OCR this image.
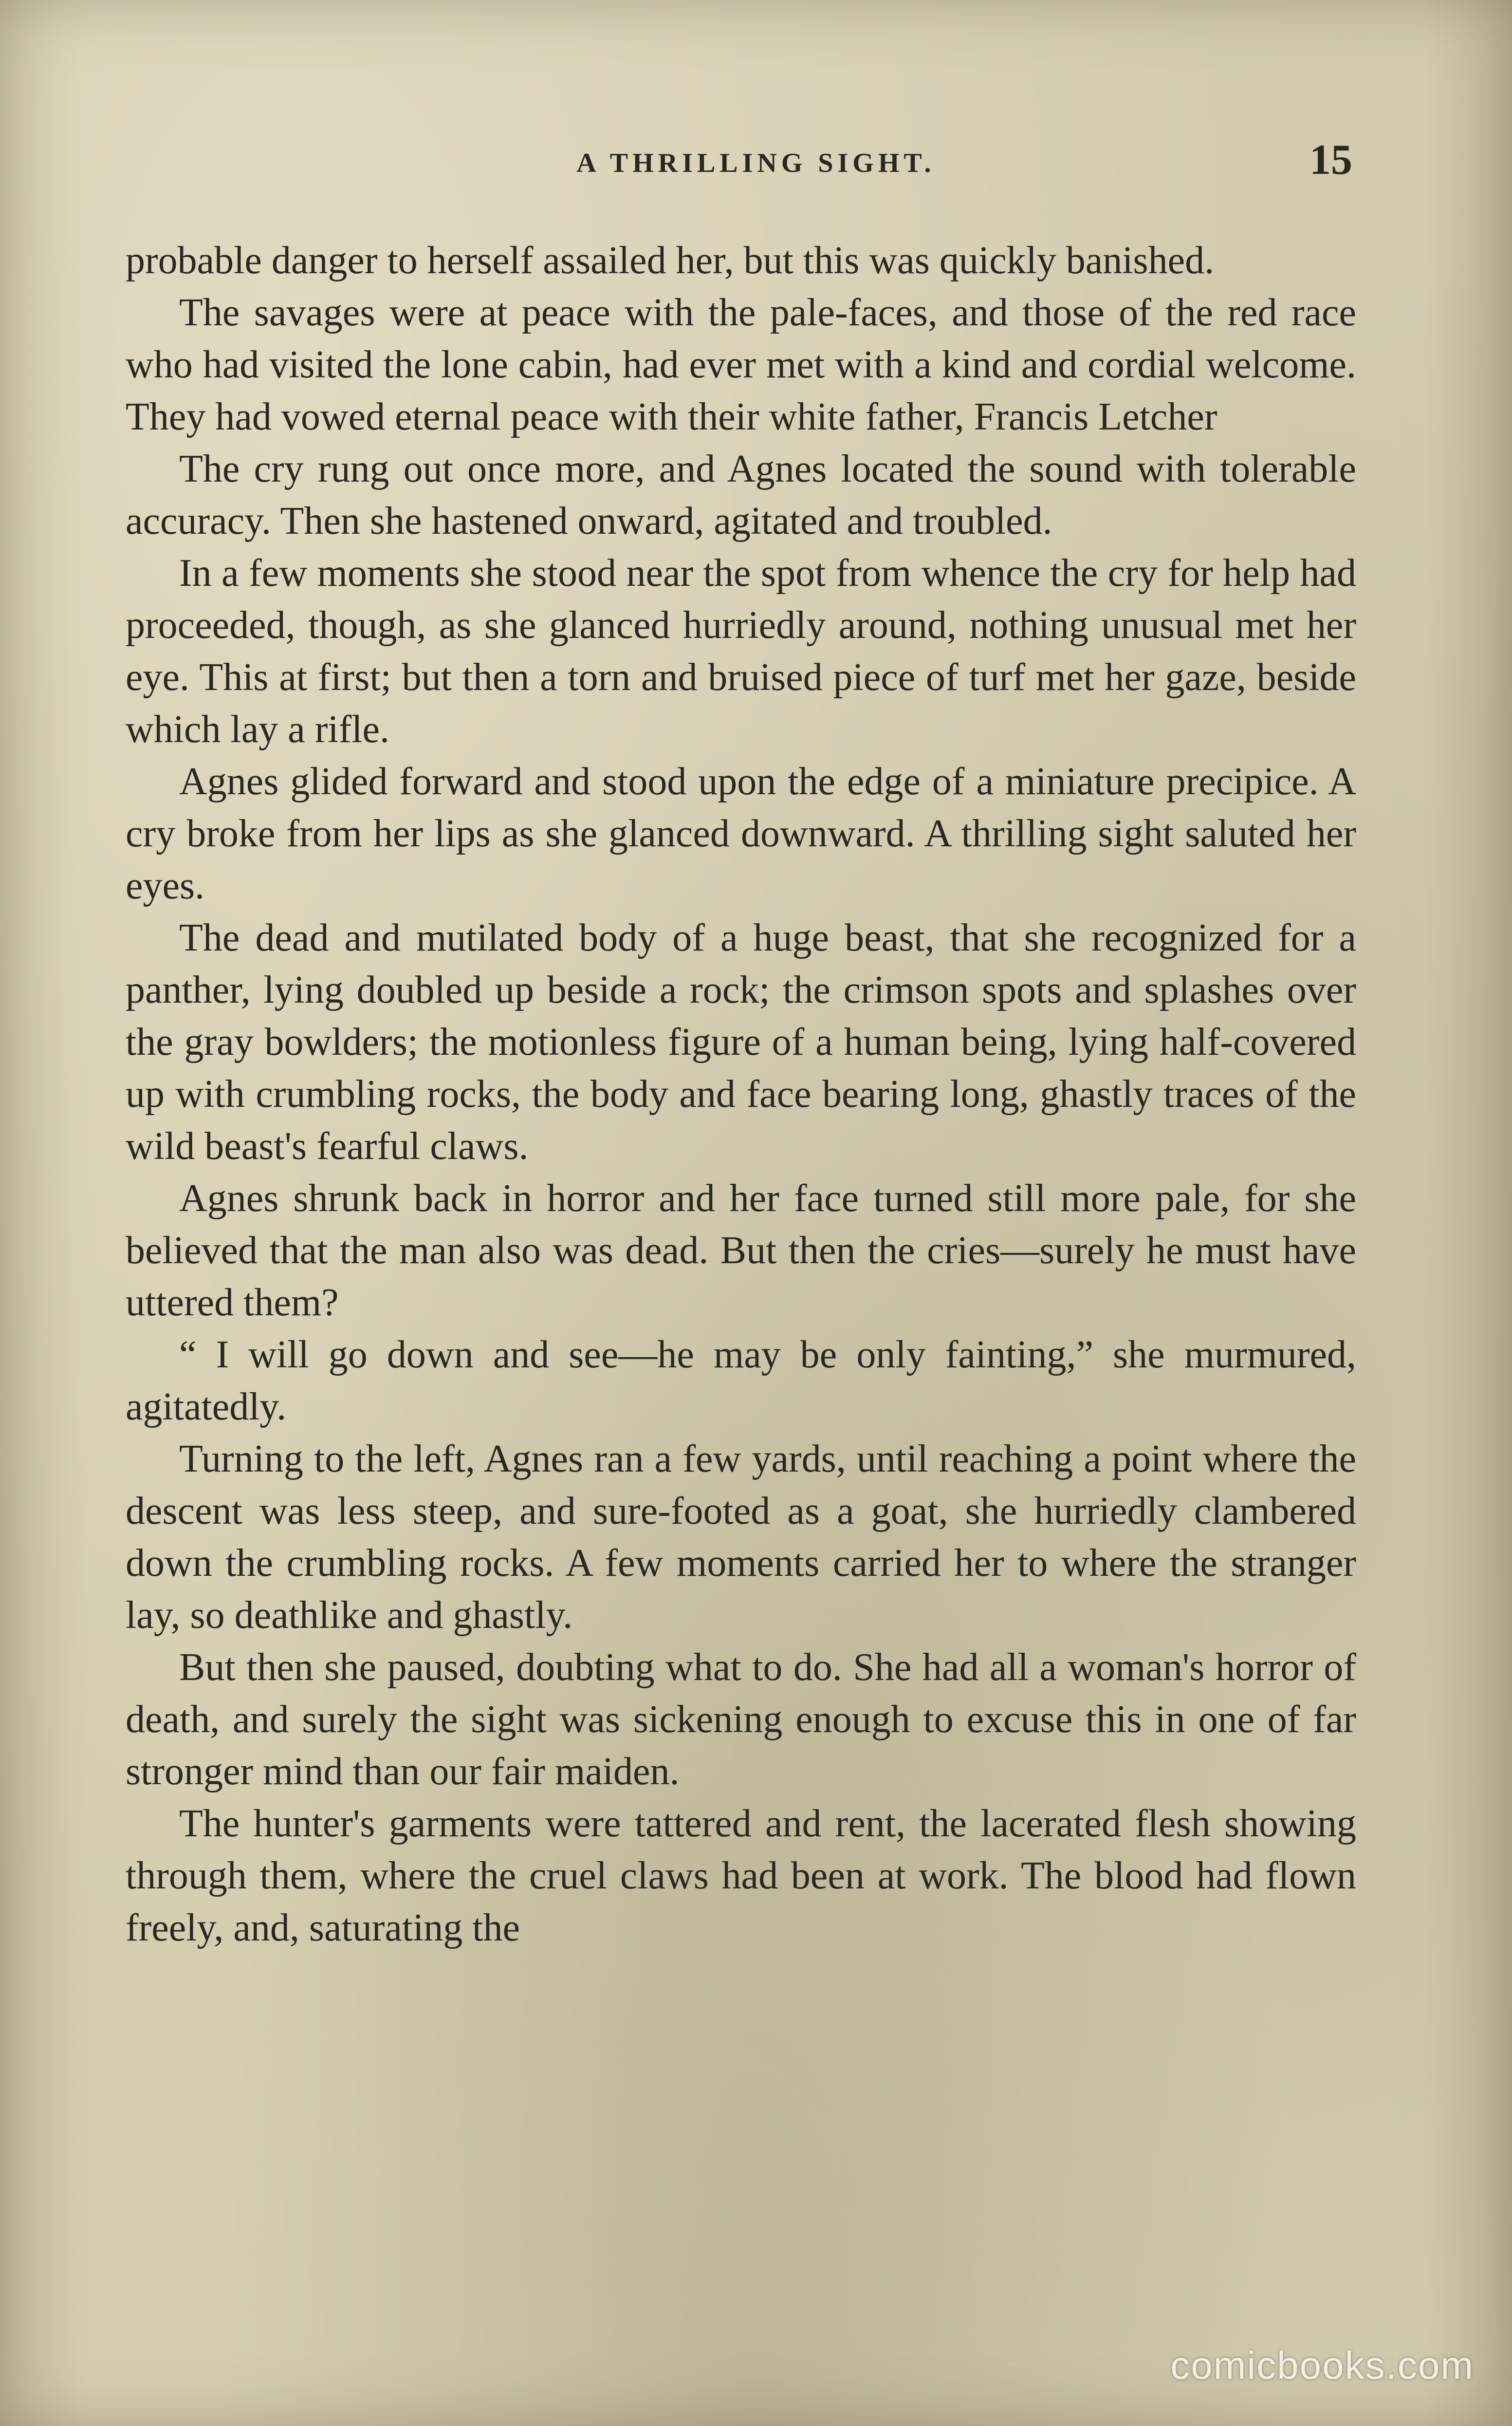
A THRILLING SIGHT.	15

probable danger to herself assailed her, but this was quickly banished.

The savages were at peace with the pale-faces, and those of the red race who had visited the lone cabin, had ever met with a kind and cordial welcome. They had vowed eternal peace with their white father, Francis Letcher

The cry rung out once more, and Agnes located the sound with tolerable accuracy. Then she hastened onward, agitated and troubled.

In a few moments she stood near the spot from whence the cry for help had proceeded, though, as she glanced hurriedly around, nothing unusual met her eye. This at first; but then a torn and bruised piece of turf met her gaze, beside which lay a rifle.

Agnes glided forward and stood upon the edge of a miniature precipice. A cry broke from her lips as she glanced downward. A thrilling sight saluted her eyes.

The dead and mutilated body of a huge beast, that she recognized for a panther, lying doubled up beside a rock; the crimson spots and splashes over the gray bowlders; the motionless figure of a human being, lying half-covered up with crumbling rocks, the body and face bearing long, ghastly traces of the wild beast's fearful claws.

Agnes shrunk back in horror and her face turned still more pale, for she believed that the man also was dead. But then the cries—surely he must have uttered them?

“ I will go down and see—he may be only fainting,” she murmured, agitatedly.

Turning to the left, Agnes ran a few yards, until reaching a point where the descent was less steep, and sure-footed as a goat, she hurriedly clambered down the crumbling rocks. A few moments carried her to where the stranger lay, so deathlike and ghastly.

But then she paused, doubting what to do. She had all a woman's horror of death, and surely the sight was sickening enough to excuse this in one of far stronger mind than our fair maiden.

The hunter's garments were tattered and rent, the lacerated flesh showing through them, where the cruel claws had been at work. The blood had flown freely, and, saturating the

comicbooks.com
